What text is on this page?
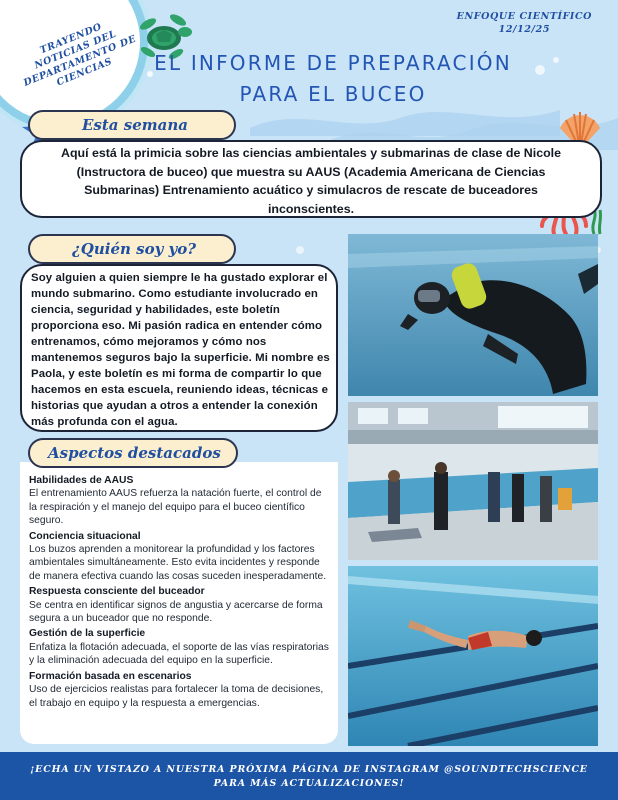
TRAYENDO NOTICIAS DEL DEPARTAMENTO DE CIENCIAS
ENFOQUE CIENTÍFICO
12/12/25
EL INFORME DE PREPARACIÓN
PARA EL BUCEO
Esta semana

Aquí está la primicia sobre las ciencias ambientales y submarinas de clase de Nicole (Instructora de buceo) que muestra su AAUS (Academia Americana de Ciencias Submarinas) Entrenamiento acuático y simulacros de rescate de buceadores inconscientes.

¿Quién soy yo?

Soy alguien a quien siempre le ha gustado explorar el mundo submarino. Como estudiante involucrado en ciencia, seguridad y habilidades, este boletín proporciona eso. Mi pasión radica en entender cómo entrenamos, cómo mejoramos y cómo nos mantenemos seguros bajo la superficie. Mi nombre es Paola, y este boletín es mi forma de compartir lo que hacemos en esta escuela, reuniendo ideas, técnicas e historias que ayudan a otros a entender la conexión más profunda con el agua.

Habilidades de AAUS
El entrenamiento AAUS refuerza la natación fuerte, el control de la respiración y el manejo del equipo para el buceo científico seguro.
Conciencia situacional
Los buzos aprenden a monitorear la profundidad y los factores ambientales simultáneamente. Esto evita incidentes y responde de manera efectiva cuando las cosas suceden inesperadamente.
Respuesta consciente del buceador
Se centra en identificar signos de angustia y acercarse de forma segura a un buceador que no responde.
Gestión de la superficie
Enfatiza la flotación adecuada, el soporte de las vías respiratorias y la eliminación adecuada del equipo en la superficie.
Formación basada en escenarios
Uso de ejercicios realistas para fortalecer la toma de decisiones, el trabajo en equipo y la respuesta a emergencias.
Aspectos destacados

¡ECHA UN VISTAZO A NUESTRA PRÓXIMA PÁGINA DE INSTAGRAM @SOUNDTECHSCIENCE PARA MÁS ACTUALIZACIONES!
